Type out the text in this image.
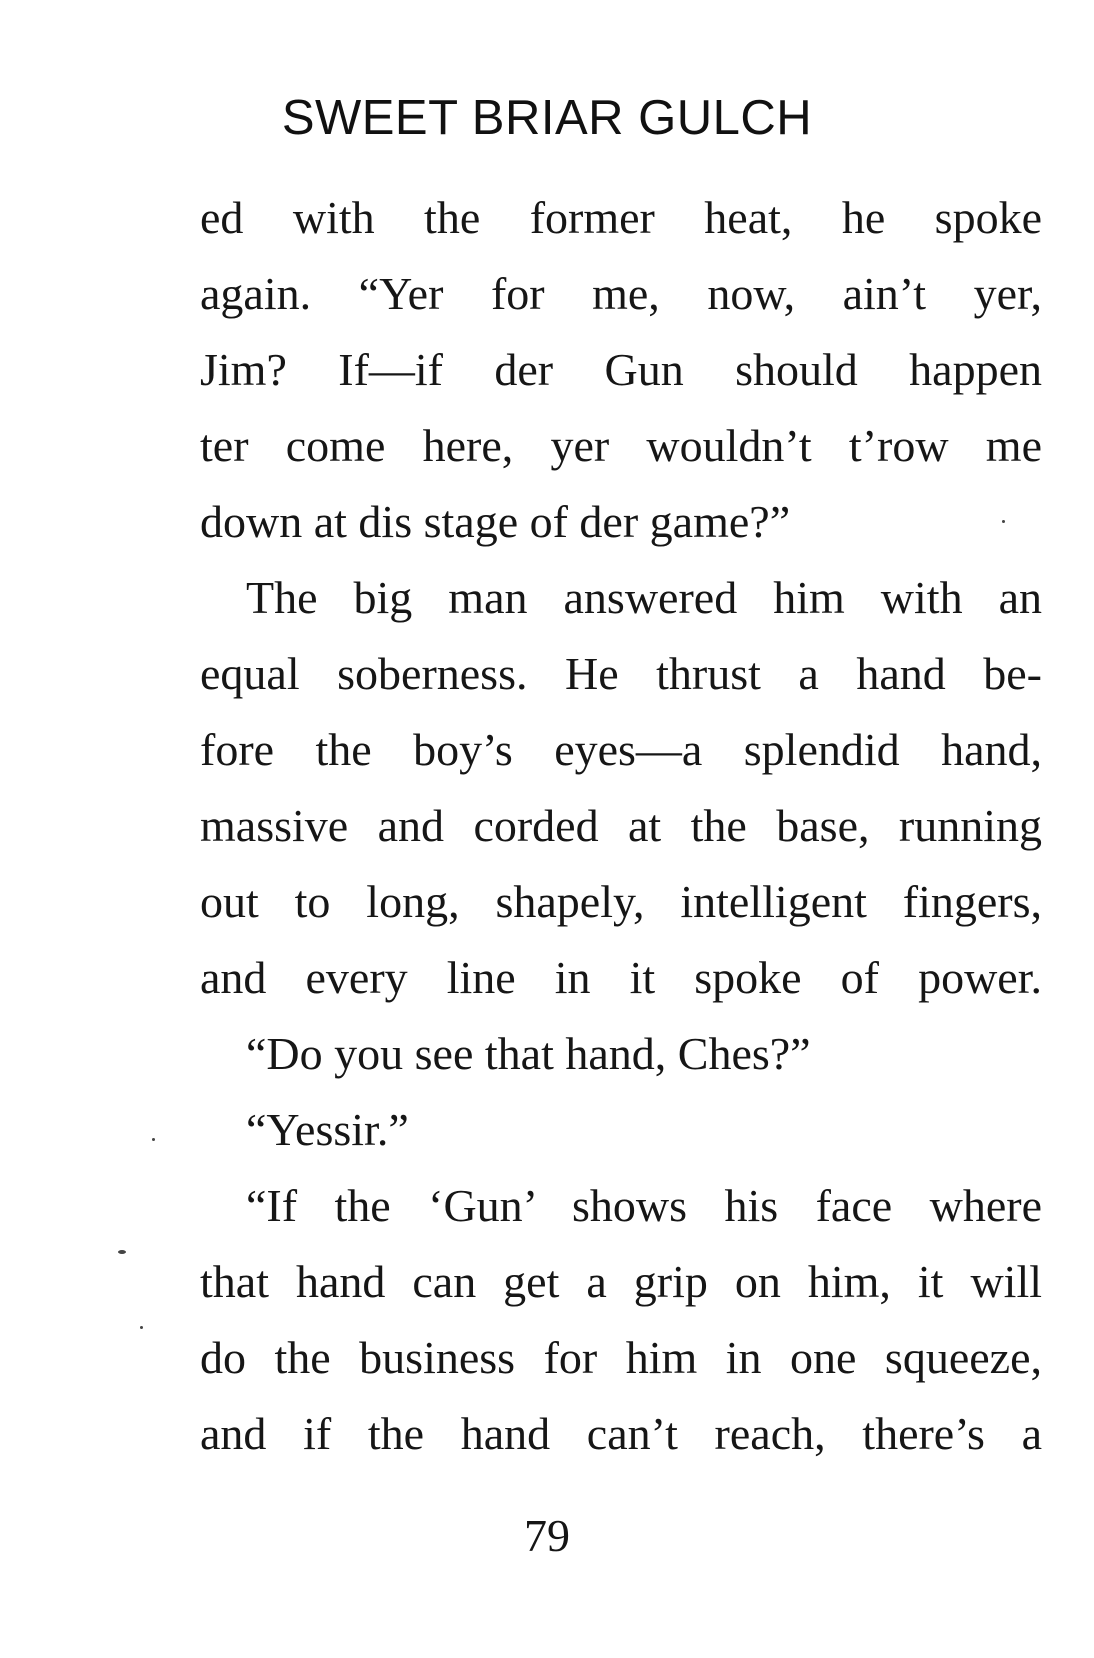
SWEET BRIAR GULCH
ed with the former heat, he spoke
again. “Yer for me, now, ain’t yer,
Jim? If—if der Gun should happen
ter come here, yer wouldn’t t’row me
down at dis stage of der game?”
The big man answered him with an
equal soberness. He thrust a hand be-
fore the boy’s eyes—a splendid hand,
massive and corded at the base, running
out to long, shapely, intelligent fingers,
and every line in it spoke of power.
“Do you see that hand, Ches?”
“Yessir.”
“If the ‘Gun’ shows his face where
that hand can get a grip on him, it will
do the business for him in one squeeze,
and if the hand can’t reach, there’s a
79
